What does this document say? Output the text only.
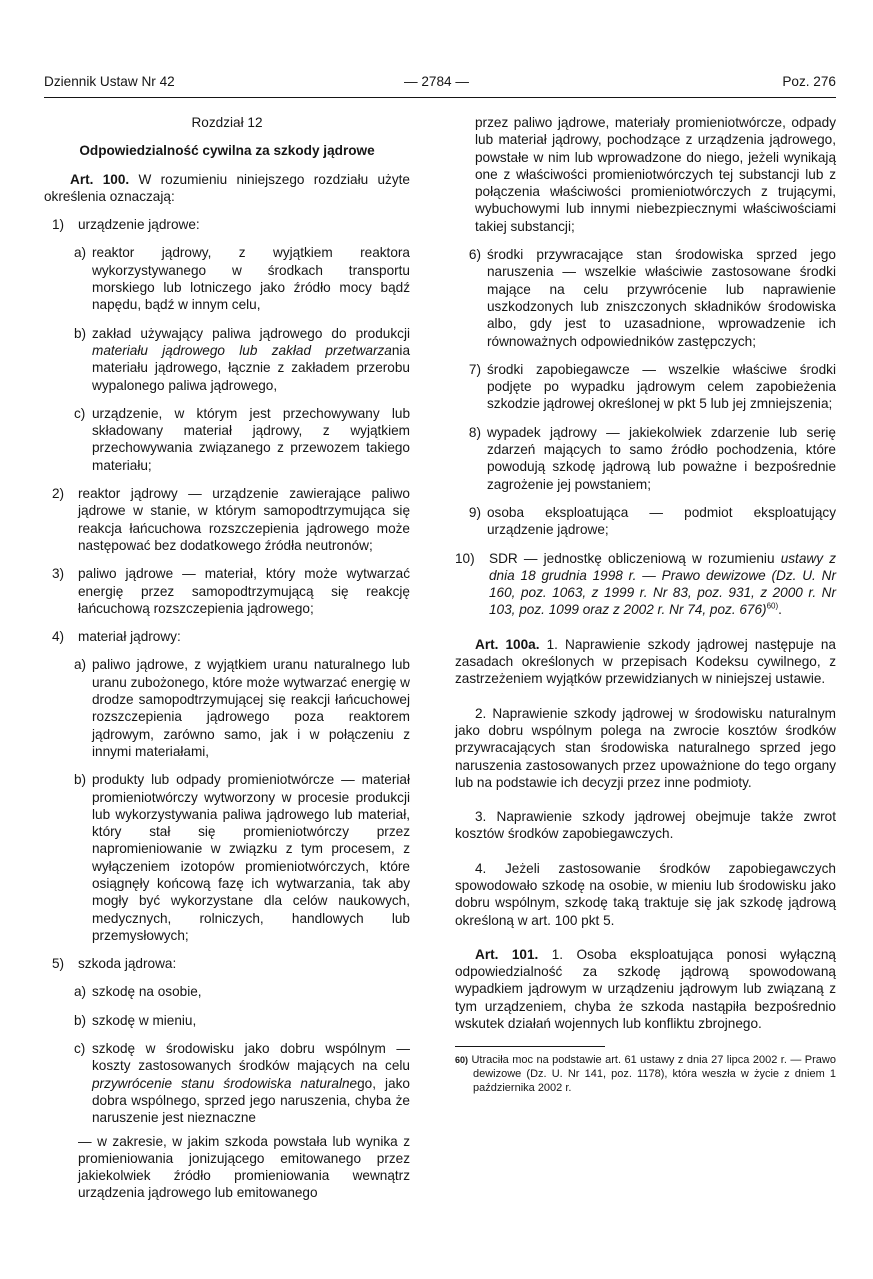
Dziennik Ustaw Nr 42	— 2784 —	Poz. 276

Rozdział 12

Odpowiedzialność cywilna za szkody jądrowe

Art. 100. W rozumieniu niniejszego rozdziału użyte określenia oznaczają:

1)	urządzenie jądrowe:
a) reaktor jądrowy, z wyjątkiem reaktora wykorzystywanego w środkach transportu morskiego lub lotniczego jako źródło mocy bądź napędu, bądź w innym celu,
b) zakład używający paliwa jądrowego do produkcji materiału jądrowego lub zakład przetwarzania materiału jądrowego, łącznie z zakładem przerobu wypalonego paliwa jądrowego,
c) urządzenie, w którym jest przechowywany lub składowany materiał jądrowy, z wyjątkiem przechowywania związanego z przewozem takiego materiału;
2)	reaktor jądrowy — urządzenie zawierające paliwo jądrowe w stanie, w którym samopodtrzymująca się reakcja łańcuchowa rozszczepienia jądrowego może następować bez dodatkowego źródła neutronów;
3)	paliwo jądrowe — materiał, który może wytwarzać energię przez samopodtrzymującą się reakcję łańcuchową rozszczepienia jądrowego;
4)	materiał jądrowy:
a) paliwo jądrowe, z wyjątkiem uranu naturalnego lub uranu zubożonego, które może wytwarzać energię w drodze samopodtrzymującej się reakcji łańcuchowej rozszczepienia jądrowego poza reaktorem jądrowym, zarówno samo, jak i w połączeniu z innymi materiałami,
b) produkty lub odpady promieniotwórcze — materiał promieniotwórczy wytworzony w procesie produkcji lub wykorzystywania paliwa jądrowego lub materiał, który stał się promieniotwórczy przez napromieniowanie w związku z tym procesem, z wyłączeniem izotopów promieniotwórczych, które osiągnęły końcową fazę ich wytwarzania, tak aby mogły być wykorzystane dla celów naukowych, medycznych, rolniczych, handlowych lub przemysłowych;
5)	szkoda jądrowa:
a) szkodę na osobie,
b) szkodę w mieniu,
c) szkodę w środowisku jako dobru wspólnym — koszty zastosowanych środków mających na celu przywrócenie stanu środowiska naturalnego, jako dobra wspólnego, sprzed jego naruszenia, chyba że naruszenie jest nieznaczne

— w zakresie, w jakim szkoda powstała lub wynika z promieniowania jonizującego emitowanego przez jakiekolwiek źródło promieniowania wewnątrz urządzenia jądrowego lub emitowanego

przez paliwo jądrowe, materiały promieniotwórcze, odpady lub materiał jądrowy, pochodzące z urządzenia jądrowego, powstałe w nim lub wprowadzone do niego, jeżeli wynikają one z właściwości promieniotwórczych tej substancji lub z połączenia właściwości promieniotwórczych z trującymi, wybuchowymi lub innymi niebezpiecznymi właściwościami takiej substancji;

6) środki przywracające stan środowiska sprzed jego naruszenia — wszelkie właściwie zastosowane środki mające na celu przywrócenie lub naprawienie uszkodzonych lub zniszczonych składników środowiska albo, gdy jest to uzasadnione, wprowadzenie ich równoważnych odpowiedników zastępczych;
7) środki zapobiegawcze — wszelkie właściwe środki podjęte po wypadku jądrowym celem zapobieżenia szkodzie jądrowej określonej w pkt 5 lub jej zmniejszenia;
8) wypadek jądrowy — jakiekolwiek zdarzenie lub serię zdarzeń mających to samo źródło pochodzenia, które powodują szkodę jądrową lub poważne i bezpośrednie zagrożenie jej powstaniem;
9) osoba eksploatująca — podmiot eksploatujący urządzenie jądrowe;
10)	SDR — jednostkę obliczeniową w rozumieniu ustawy z dnia 18 grudnia 1998 r. — Prawo dewizowe (Dz. U. Nr 160, poz. 1063, z 1999 r. Nr 83, poz. 931, z 2000 r. Nr 103, poz. 1099 oraz z 2002 r. Nr 74, poz. 676)$^{60)}$.

Art. 100a. 1. Naprawienie szkody jądrowej następuje na zasadach określonych w przepisach Kodeksu cywilnego, z zastrzeżeniem wyjątków przewidzianych w niniejszej ustawie.

2. Naprawienie szkody jądrowej w środowisku naturalnym jako dobru wspólnym polega na zwrocie kosztów środków przywracających stan środowiska naturalnego sprzed jego naruszenia zastosowanych przez upoważnione do tego organy lub na podstawie ich decyzji przez inne podmioty.

3. Naprawienie szkody jądrowej obejmuje także zwrot kosztów środków zapobiegawczych.

4. Jeżeli zastosowanie środków zapobiegawczych spowodowało szkodę na osobie, w mieniu lub środowisku jako dobru wspólnym, szkodę taką traktuje się jak szkodę jądrową określoną w art. 100 pkt 5.

Art. 101. 1. Osoba eksploatująca ponosi wyłączną odpowiedzialność za szkodę jądrową spowodowaną wypadkiem jądrowym w urządzeniu jądrowym lub związaną z tym urządzeniem, chyba że szkoda nastąpiła bezpośrednio wskutek działań wojennych lub konfliktu zbrojnego.

60) Utraciła moc na podstawie art. 61 ustawy z dnia 27 lipca 2002 r. — Prawo dewizowe (Dz. U. Nr 141, poz. 1178), która weszła w życie z dniem 1 października 2002 r.
